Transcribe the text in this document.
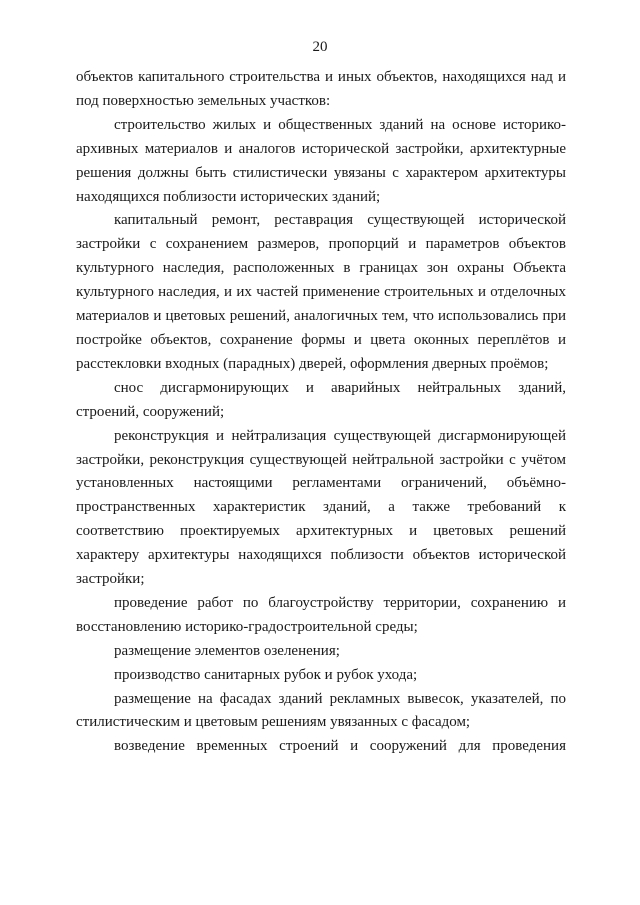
20

объектов капитального строительства и иных объектов, находящихся над и под поверхностью земельных участков:

строительство жилых и общественных зданий на основе историко-архивных материалов и аналогов исторической застройки, архитектурные решения должны быть стилистически увязаны с характером архитектуры находящихся поблизости исторических зданий;

капитальный ремонт, реставрация существующей исторической застройки с сохранением размеров, пропорций и параметров объектов культурного наследия, расположенных в границах зон охраны Объекта культурного наследия, и их частей применение строительных и отделочных материалов и цветовых решений, аналогичных тем, что использовались при постройке объектов, сохранение формы и цвета оконных переплётов и расстекловки входных (парадных) дверей, оформления дверных проёмов;

снос дисгармонирующих и аварийных нейтральных зданий, строений, сооружений;

реконструкция и нейтрализация существующей дисгармонирующей застройки, реконструкция существующей нейтральной застройки с учётом установленных настоящими регламентами ограничений, объёмно-пространственных характеристик зданий, а также требований к соответствию проектируемых архитектурных и цветовых решений характеру архитектуры находящихся поблизости объектов исторической застройки;

проведение работ по благоустройству территории, сохранению и восстановлению историко-градостроительной среды;

размещение элементов озеленения;

производство санитарных рубок и рубок ухода;

размещение на фасадах зданий рекламных вывесок, указателей, по стилистическим и цветовым решениям увязанных с фасадом;

возведение временных строений и сооружений для проведения
